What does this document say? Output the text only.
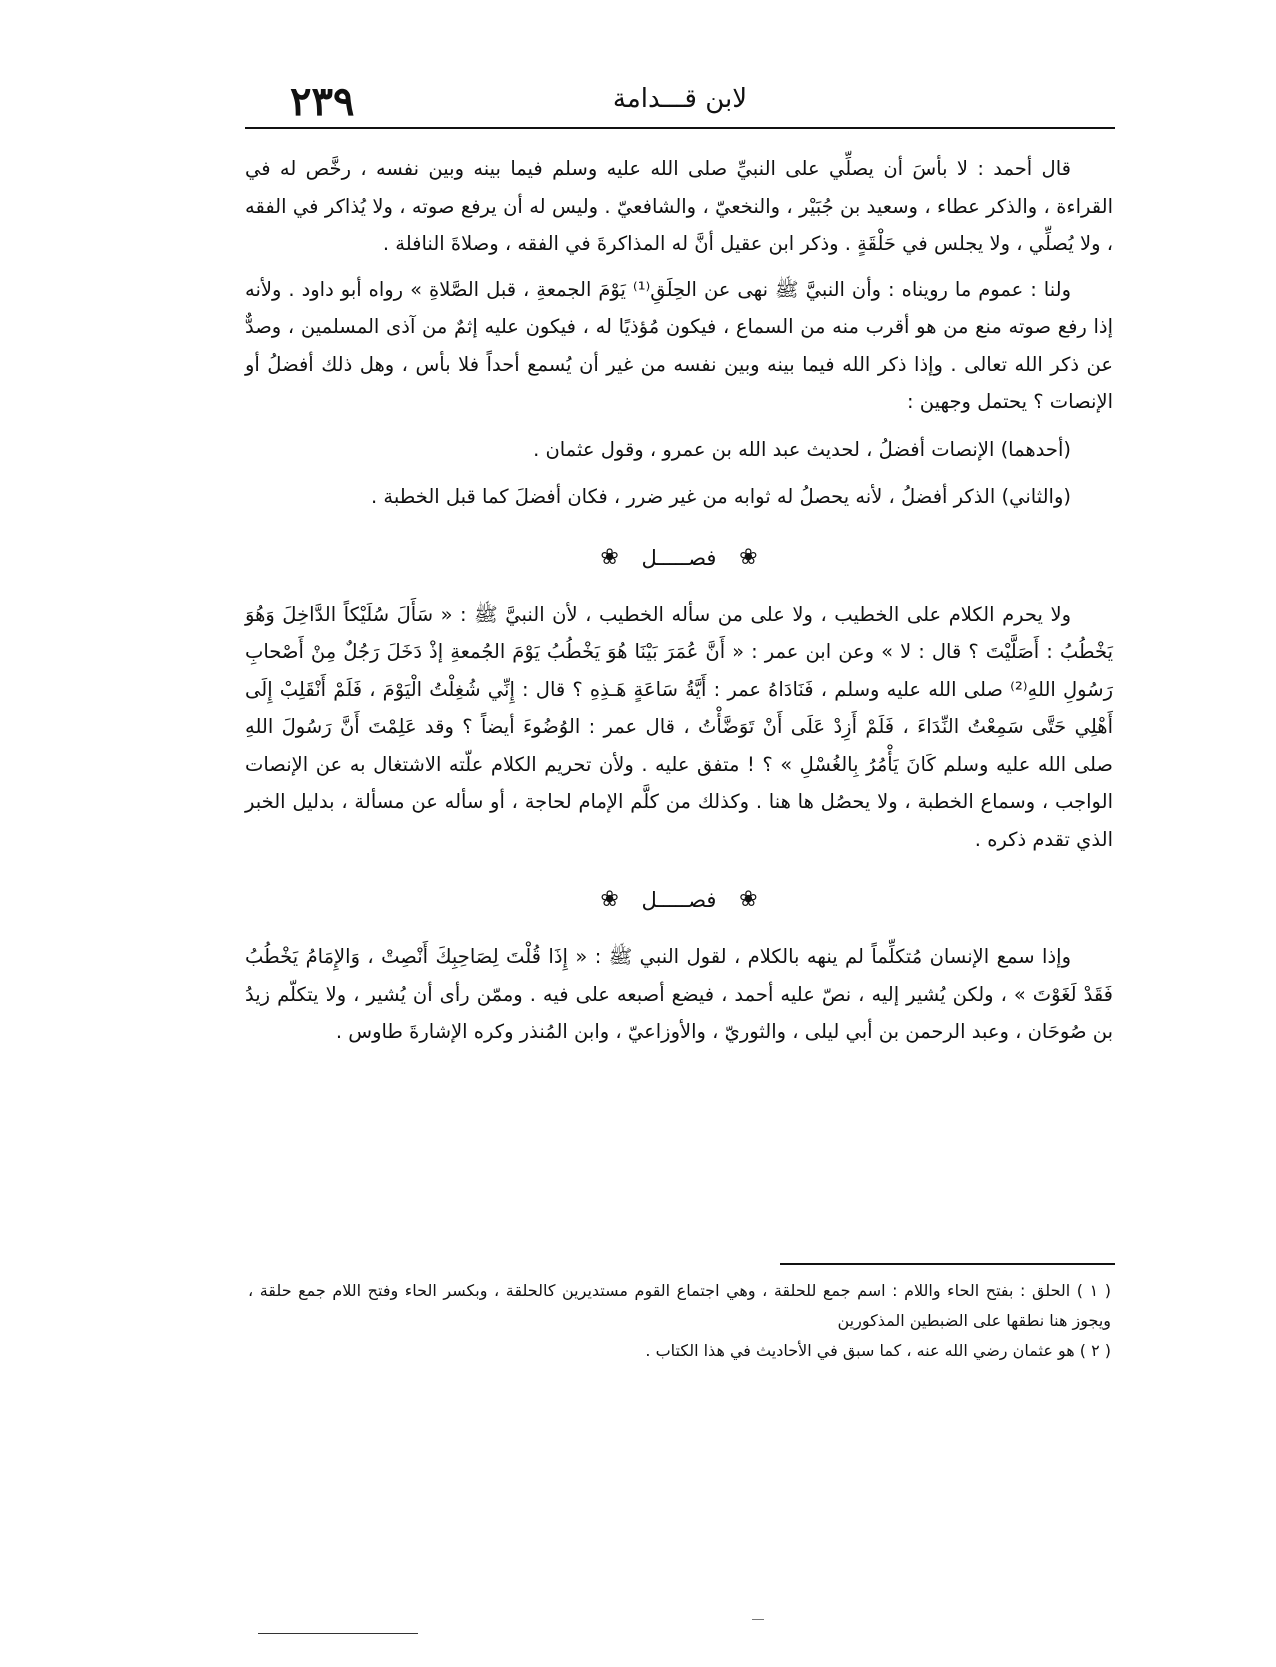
٢٣٩	لابن قـــدامة

قال أحمد : لا بأسَ أن يصلِّي على النبيِّ صلى الله عليه وسلم فيما بينه وبين نفسه ، رخَّص له في القراءة ، والذكر عطاء ، وسعيد بن جُبَيْر ، والنخعيّ ، والشافعيّ . وليس له أن يرفع صوته ، ولا يُذاكر في الفقه ، ولا يُصلِّي ، ولا يجلس في حَلْقَةٍ . وذكر ابن عقيل أنَّ له المذاكرةَ في الفقه ، وصلاةَ النافلة .

ولنا : عموم ما رويناه : وأن النبيَّ ﷺ نهى عن الحِلَقِ⁽¹⁾ يَوْمَ الجمعةِ ، قبل الصَّلاةِ » رواه أبو داود . ولأنه إذا رفع صوته منع من هو أقرب منه من السماع ، فيكون مُؤذيًا له ، فيكون عليه إثمٌ من آذى المسلمين ، وصدٌّ عن ذكر الله تعالى . وإذا ذكر الله فيما بينه وبين نفسه من غير أن يُسمع أحداً فلا بأس ، وهل ذلك أفضلُ أو الإنصات ؟ يحتمل وجهين :

(أحدهما) الإنصات أفضلُ ، لحديث عبد الله بن عمرو ، وقول عثمان .

(والثاني) الذكر أفضلُ ، لأنه يحصلُ له ثوابه من غير ضرر ، فكان أفضلَ كما قبل الخطبة .

❀ فصـــــل ❀

ولا يحرم الكلام على الخطيب ، ولا على من سأله الخطيب ، لأن النبيَّ ﷺ : « سَأَلَ سُلَيْكاً الدَّاخِلَ وَهُوَ يَخْطُبُ : أَصَلَّيْتَ ؟ قال : لا » وعن ابن عمر : « أَنَّ عُمَرَ بَيْنَا هُوَ يَخْطُبُ يَوْمَ الجُمعةِ إذْ دَخَلَ رَجُلٌ مِنْ أَصْحابِ رَسُولِ اللهِ⁽²⁾ صلى الله عليه وسلم ، فَنَادَاهُ عمر : أَيَّةُ سَاعَةٍ هَـذِهِ ؟ قال : إِنِّي شُغِلْتُ الْيَوْمَ ، فَلَمْ أَنْقَلِبْ إِلَى أَهْلِي حَتَّى سَمِعْتُ النِّدَاءَ ، فَلَمْ أَزِدْ عَلَى أَنْ تَوَضَّأْتُ ، قال عمر : الوُضُوءَ أيضاً ؟ وقد عَلِمْتَ أَنَّ رَسُولَ اللهِ صلى الله عليه وسلم كَانَ يَأْمُرُ بِالغُسْلِ » ؟ ! متفق عليه . ولأن تحريم الكلام علّته الاشتغال به عن الإنصات الواجب ، وسماع الخطبة ، ولا يحصُل ها هنا . وكذلك من كلَّم الإمام لحاجة ، أو سأله عن مسألة ، بدليل الخبر الذي تقدم ذكره .

❀ فصـــــل ❀

وإذا سمع الإنسان مُتكلِّماً لم ينهه بالكلام ، لقول النبي ﷺ : « إِذَا قُلْتَ لِصَاحِبِكَ أَنْصِتْ ، وَالإِمَامُ يَخْطُبُ فَقَدْ لَغَوْتَ » ، ولكن يُشير إليه ، نصّ عليه أحمد ، فيضع أصبعه على فيه . وممّن رأى أن يُشير ، ولا يتكلّم زيدُ بن صُوحَان ، وعبد الرحمن بن أبي ليلى ، والثوريّ ، والأوزاعيّ ، وابن المُنذر وكره الإشارةَ طاوس .

( ١ ) الحلق : بفتح الحاء واللام : اسم جمع للحلقة ، وهي اجتماع القوم مستديرين كالحلقة ، وبكسر الحاء وفتح اللام جمع حلقة ، ويجوز هنا نطقها على الضبطين المذكورين

( ٢ ) هو عثمان رضي الله عنه ، كما سبق في الأحاديث في هذا الكتاب .
